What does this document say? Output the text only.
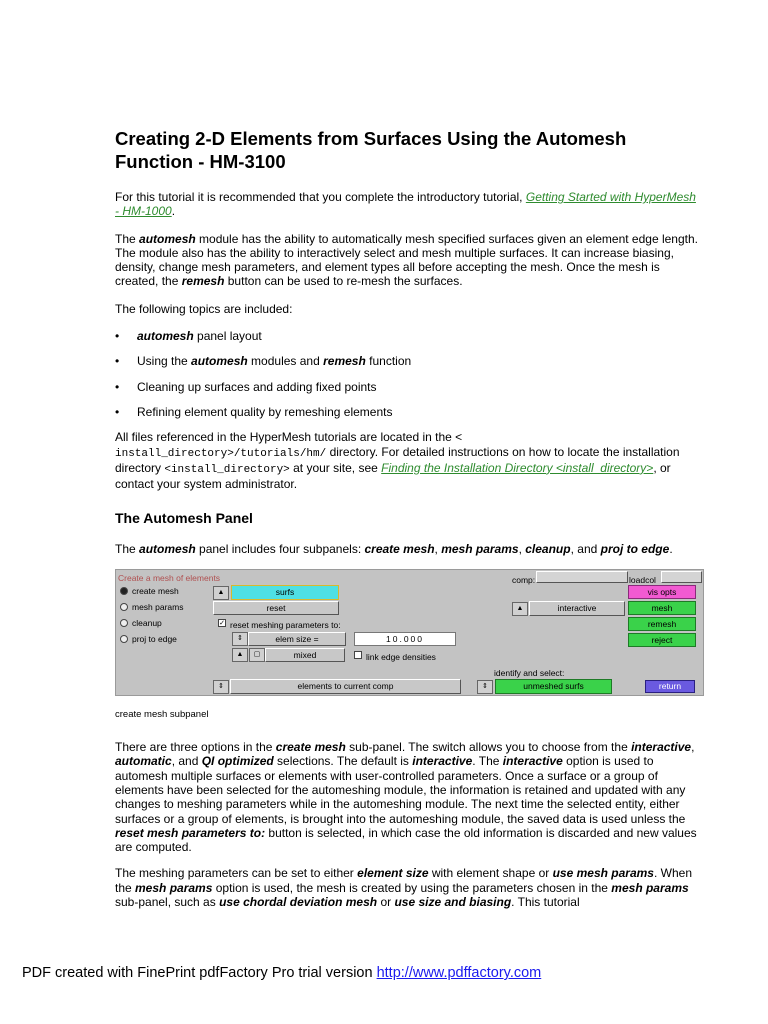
Creating 2-D Elements from Surfaces Using the Automesh Function - HM-3100

For this tutorial it is recommended that you complete the introductory tutorial, Getting Started with HyperMesh - HM-1000.

The automesh module has the ability to automatically mesh specified surfaces given an element edge length. The module also has the ability to interactively select and mesh multiple surfaces. It can increase biasing, density, change mesh parameters, and element types all before accepting the mesh. Once the mesh is created, the remesh button can be used to re-mesh the surfaces.

The following topics are included:

• automesh panel layout
• Using the automesh modules and remesh function
• Cleaning up surfaces and adding fixed points
• Refining element quality by remeshing elements

All files referenced in the HyperMesh tutorials are located in the <
install_directory>/tutorials/hm/ directory. For detailed instructions on how to locate the installation directory <install_directory> at your site, see Finding the Installation Directory <install_directory>, or contact your system administrator.

The Automesh Panel

The automesh panel includes four subpanels: create mesh, mesh params, cleanup, and proj to edge.

Create a mesh of elements
create mesh
mesh params
cleanup
proj to edge
▲	surfs
reset
✓ reset meshing parameters to:
⇕	elem size =	10.000
▲	▢	mixed	link edge densities
⇕	elements to current comp
comp:	loadcol
▲	interactive
vis opts
mesh
remesh
reject
identify and select:
⇕	unmeshed surfs	return
create mesh subpanel

There are three options in the create mesh sub-panel. The switch allows you to choose from the interactive, automatic, and QI optimized selections. The default is interactive. The interactive option is used to automesh multiple surfaces or elements with user-controlled parameters. Once a surface or a group of elements have been selected for the automeshing module, the information is retained and updated with any changes to meshing parameters while in the automeshing module. The next time the selected entity, either surfaces or a group of elements, is brought into the automeshing module, the saved data is used unless the reset mesh parameters to: button is selected, in which case the old information is discarded and new values are computed.

The meshing parameters can be set to either element size with element shape or use mesh params. When the mesh params option is used, the mesh is created by using the parameters chosen in the mesh params sub-panel, such as use chordal deviation mesh or use size and biasing. This tutorial

PDF created with FinePrint pdfFactory Pro trial version http://www.pdffactory.com
